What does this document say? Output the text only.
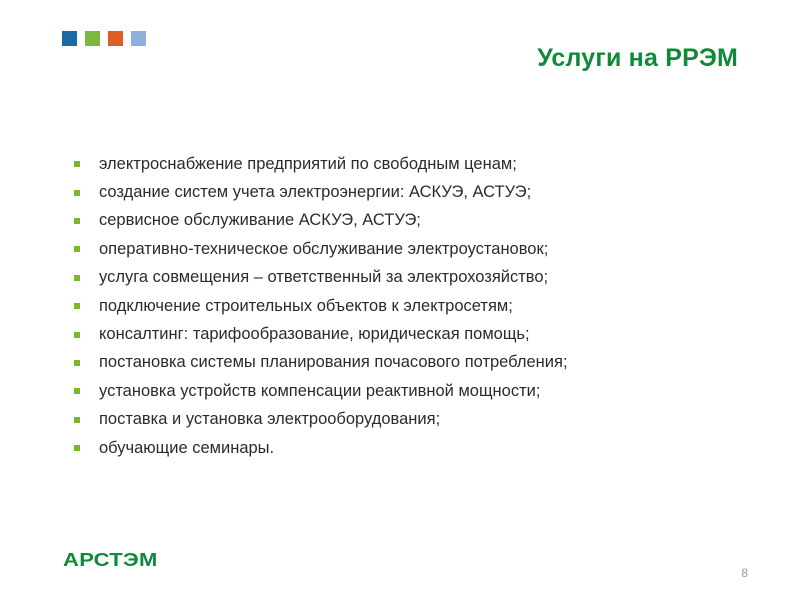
Услуги на РРЭМ
электроснабжение предприятий по свободным ценам;
создание систем учета электроэнергии: АСКУЭ, АСТУЭ;
сервисное обслуживание АСКУЭ, АСТУЭ;
оперативно-техническое обслуживание электроустановок;
услуга совмещения – ответственный за электрохозяйство;
подключение строительных объектов к электросетям;
консалтинг: тарифообразование, юридическая помощь;
постановка системы планирования почасового потребления;
установка устройств компенсации реактивной мощности;
поставка и установка электрооборудования;
обучающие семинары.
АРСТЭМ
8
